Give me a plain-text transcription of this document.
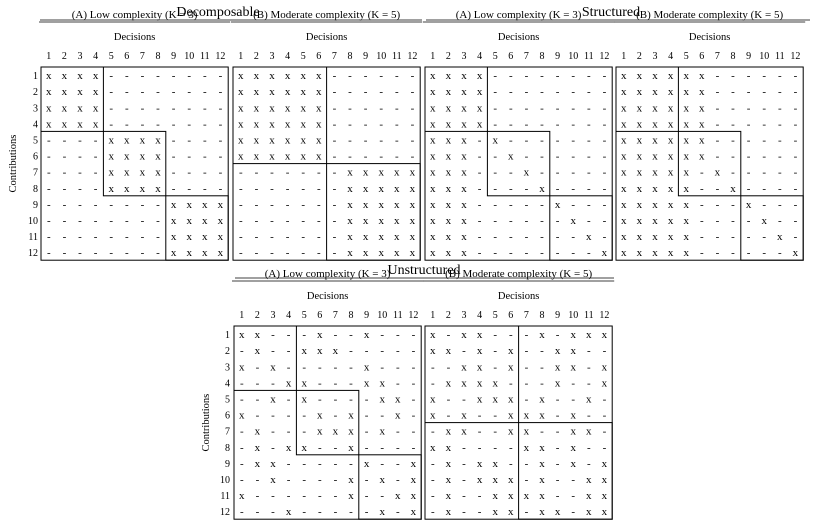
Decomposable
Contributions
1
2
3
4
5
6
7
8
9
10
11
12
(A) Low complexity (K = 3)
Decisions
1 2 3 4 5 6 7 8 9 10 11 12
x x x x - - - - - - - -
x x x x - - - - - - - -
x x x x - - - - - - - -
x x x x - - - - - - - -
- - - - x x x x - - - -
- - - - x x x x - - - -
- - - - x x x x - - - -
- - - - x x x x - - - -
- - - - - - - - x x x x
- - - - - - - - x x x x
- - - - - - - - x x x x
- - - - - - - - x x x x
(B) Moderate complexity (K = 5)
Decisions
1 2 3 4 5 6 7 8 9 10 11 12
x x x x x x - - - - - -
x x x x x x - - - - - -
x x x x x x - - - - - -
x x x x x x - - - - - -
x x x x x x - - - - - -
x x x x x x - - - - - -
- - - - - - - x x x x x
- - - - - - - x x x x x
- - - - - - - x x x x x
- - - - - - - x x x x x
- - - - - - - x x x x x
- - - - - - - x x x x x
Structured
(A) Low complexity (K = 3)
Decisions
1 2 3 4 5 6 7 8 9 10 11 12
x x x x - - - - - - - -
x x x x - - - - - - - -
x x x x - - - - - - - -
x x x x - - - - - - - -
x x x - x - - - - - - -
x x x - - x - - - - - -
x x x - - - x - - - - -
x x x - - - - x - - - -
x x x - - - - - x - - -
x x x - - - - - - x - -
x x x - - - - - - - x -
x x x - - - - - - - - x
(B) Moderate complexity (K = 5)
Decisions
1 2 3 4 5 6 7 8 9 10 11 12
x x x x x x - - - - - -
x x x x x x - - - - - -
x x x x x x - - - - - -
x x x x x x - - - - - -
x x x x x x - - - - - -
x x x x x x - - - - - -
x x x x x - x - - - - -
x x x x x - - x - - - -
x x x x x - - - x - - -
x x x x x - - - - x - -
x x x x x - - - - - x -
x x x x x - - - - - - x
Unstructured
Contributions
1
2
3
4
5
6
7
8
9
10
11
12
(A) Low complexity (K = 3)
Decisions
1 2 3 4 5 6 7 8 9 10 11 12
x x - - - x - - x - - -
- x - - x x x - - - - -
x - x - - - - - x - - -
- - - x x - - - x x - -
- - x - x - - - - x x -
x - - - - x - x - - x -
- x - - - x x x - x - -
- x - x x - - x - - - -
- x x - - - - - x - - x
- - x - - - - x - x - x
x - - - - - - x - - x x
- - - x - - - - - x - x
(B) Moderate complexity (K = 5)
Decisions
1 2 3 4 5 6 7 8 9 10 11 12
x - x x - - - x - x x x
x x - x - x - - x x - -
- - x x - x - - x x - x
- x x x x - - - x - - x
x - - x x x - x - - x -
x - x - - x x x - x - -
- x x - - x x - - x x -
x x - - - - x x - x - -
- x - x x - - x - x - x
- x - x x x - x - - x x
- x - - x x x x - - x x
- x - - x x - x x - x x
